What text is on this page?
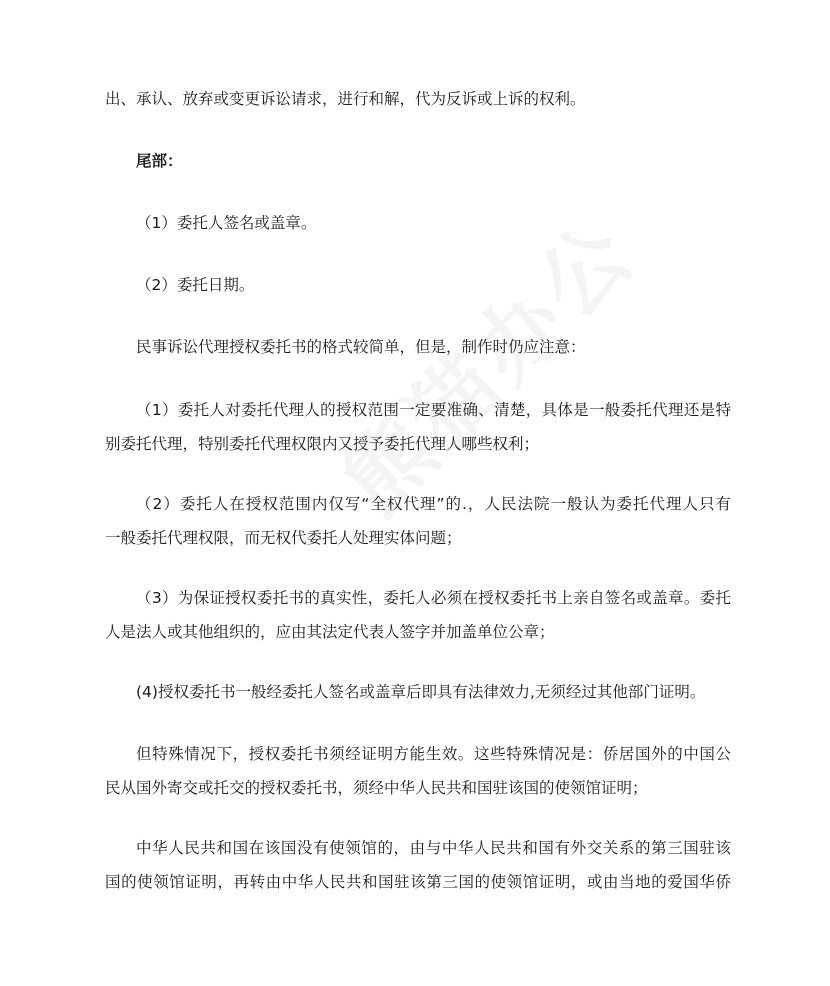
出、承认、放弃或变更诉讼请求，进行和解，代为反诉或上诉的权利。

尾部：

（1）委托人签名或盖章。

（2）委托日期。

民事诉讼代理授权委托书的格式较简单，但是，制作时仍应注意：

（1）委托人对委托代理人的授权范围一定要准确、清楚，具体是一般委托代理还是特
别委托代理，特别委托代理权限内又授予委托代理人哪些权利；
（2）委托人在授权范围内仅写“全权代理”的.，人民法院一般认为委托代理人只有
一般委托代理权限，而无权代委托人处理实体问题；
（3）为保证授权委托书的真实性，委托人必须在授权委托书上亲自签名或盖章。委托
人是法人或其他组织的，应由其法定代表人签字并加盖单位公章；

(4)授权委托书一般经委托人签名或盖章后即具有法律效力,无须经过其他部门证明。

但特殊情况下，授权委托书须经证明方能生效。这些特殊情况是：侨居国外的中国公
民从国外寄交或托交的授权委托书，须经中华人民共和国驻该国的使领馆证明；
中华人民共和国在该国没有使领馆的，由与中华人民共和国有外交关系的第三国驻该
国的使领馆证明，再转由中华人民共和国驻该第三国的使领馆证明，或由当地的爱国华侨
